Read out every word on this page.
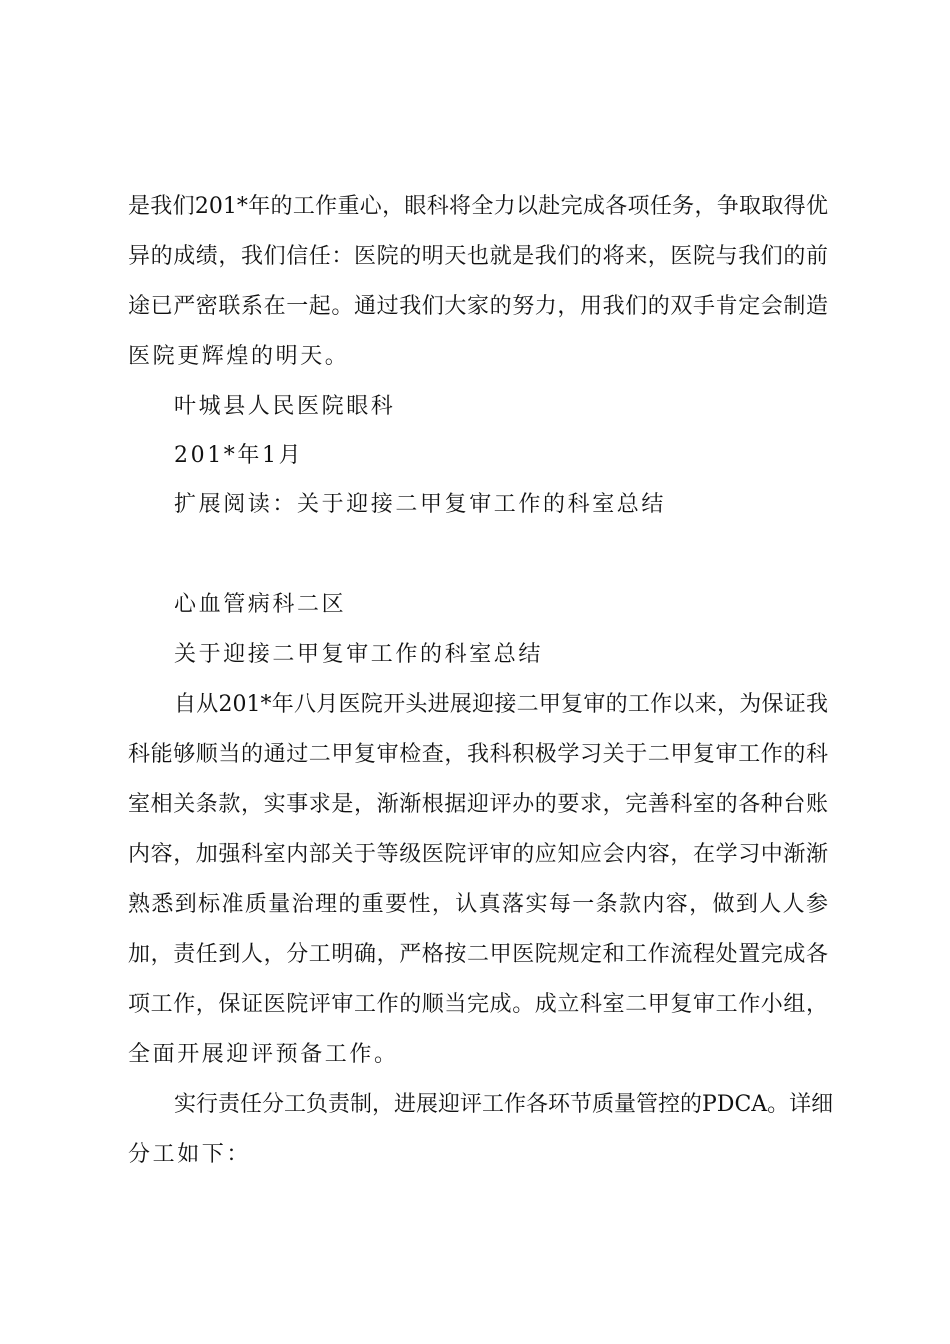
是我们201*年的工作重心，眼科将全力以赴完成各项任务，争取取得优
异的成绩，我们信任：医院的明天也就是我们的将来，医院与我们的前
途已严密联系在一起。通过我们大家的努力，用我们的双手肯定会制造
医院更辉煌的明天。
叶城县人民医院眼科
201*年1月
扩展阅读：关于迎接二甲复审工作的科室总结
心血管病科二区
关于迎接二甲复审工作的科室总结
自从201*年八月医院开头进展迎接二甲复审的工作以来，为保证我
科能够顺当的通过二甲复审检查，我科积极学习关于二甲复审工作的科
室相关条款，实事求是，渐渐根据迎评办的要求，完善科室的各种台账
内容，加强科室内部关于等级医院评审的应知应会内容，在学习中渐渐
熟悉到标准质量治理的重要性，认真落实每一条款内容，做到人人参
加，责任到人，分工明确，严格按二甲医院规定和工作流程处置完成各
项工作，保证医院评审工作的顺当完成。成立科室二甲复审工作小组，
全面开展迎评预备工作。
实行责任分工负责制，进展迎评工作各环节质量管控的PDCA。详细
分工如下：
